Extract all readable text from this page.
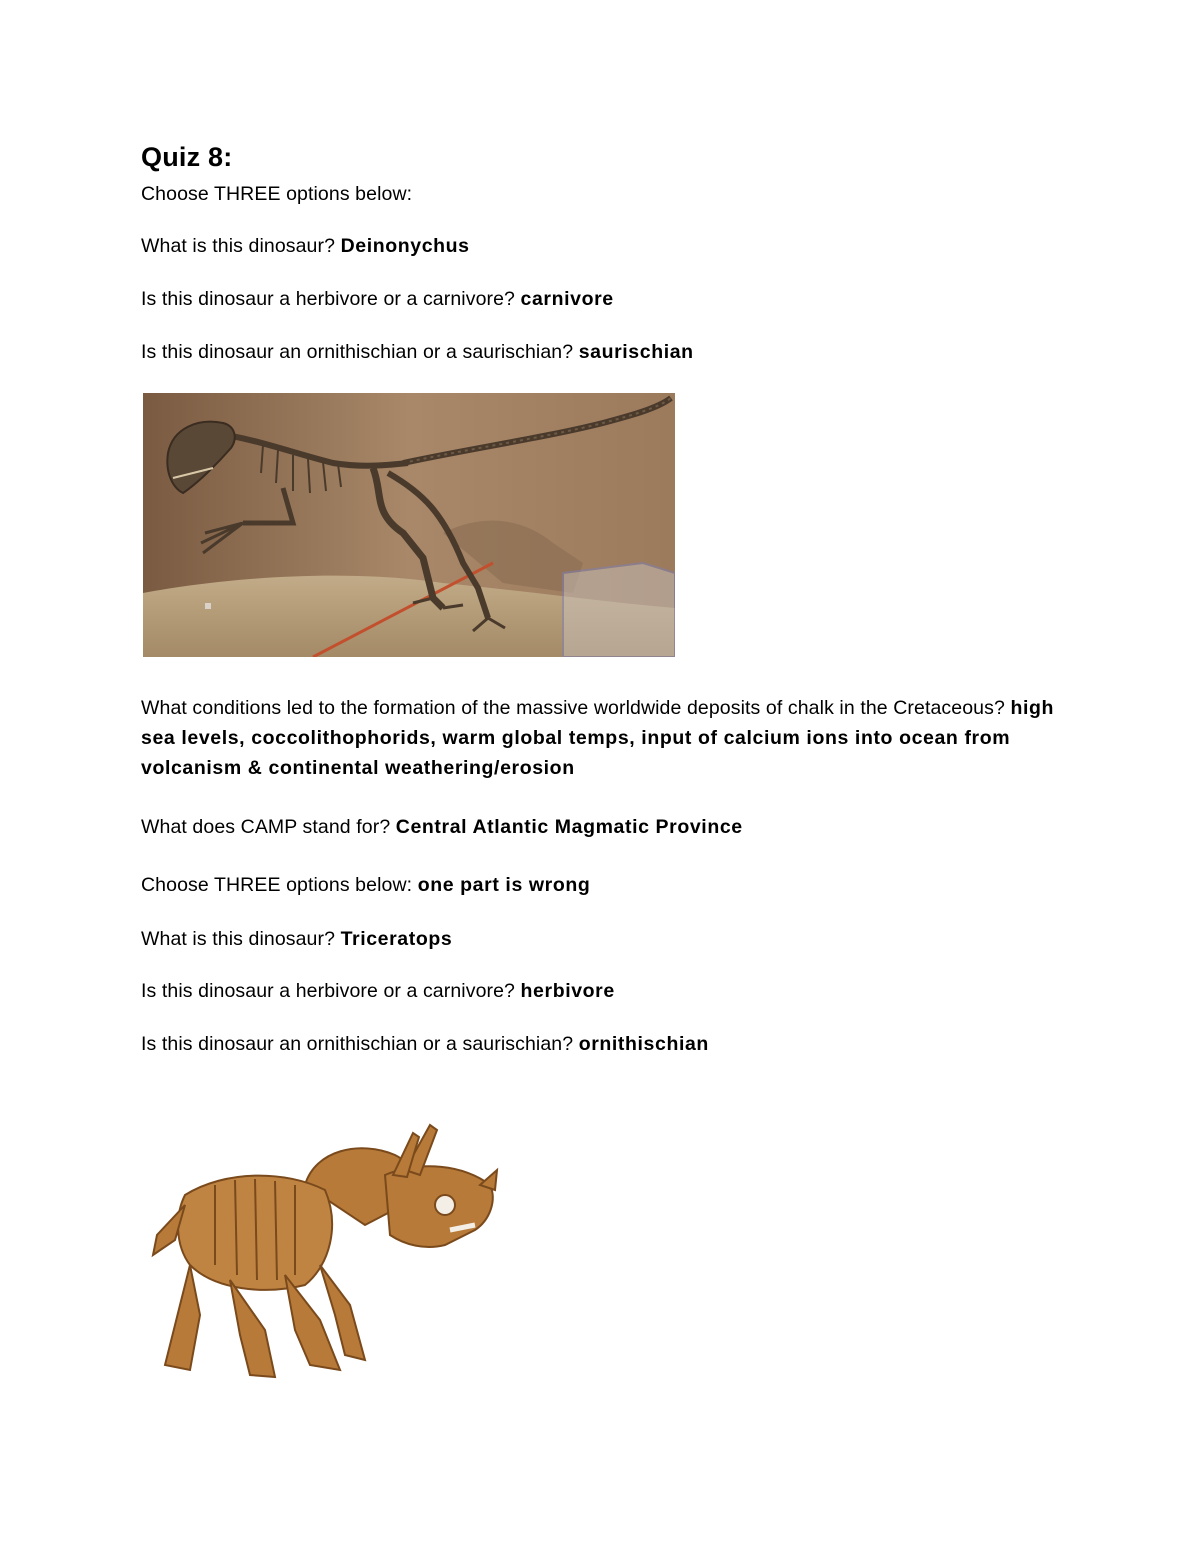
Quiz 8:
Choose THREE options below:
What is this dinosaur? Deinonychus
Is this dinosaur a herbivore or a carnivore? carnivore
Is this dinosaur an ornithischian or a saurischian? saurischian
What conditions led to the formation of the massive worldwide deposits of chalk in the Cretaceous? high sea levels, coccolithophorids, warm global temps, input of calcium ions into ocean from volcanism & continental weathering/erosion
What does CAMP stand for? Central Atlantic Magmatic Province
Choose THREE options below: one part is wrong
What is this dinosaur? Triceratops
Is this dinosaur a herbivore or a carnivore? herbivore
Is this dinosaur an ornithischian or a saurischian? ornithischian
